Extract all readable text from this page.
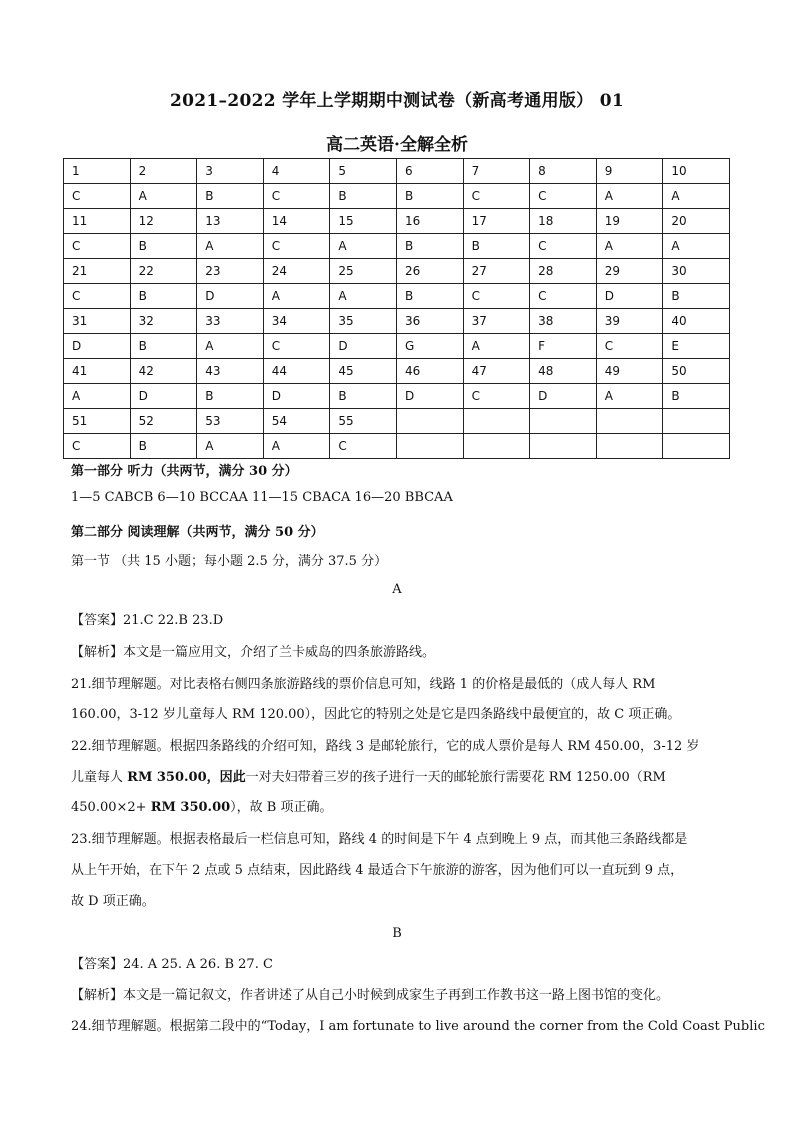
2021–2022 学年上学期期中测试卷（新高考通用版） 01
高二英语·全解全析
1	2	3	4	5	6	7	8	9	10
C	A	B	C	B	B	C	C	A	A
11	12	13	14	15	16	17	18	19	20
C	B	A	C	A	B	B	C	A	A
21	22	23	24	25	26	27	28	29	30
C	B	D	A	A	B	C	C	D	B
31	32	33	34	35	36	37	38	39	40
D	B	A	C	D	G	A	F	C	E
41	42	43	44	45	46	47	48	49	50
A	D	B	D	B	D	C	D	A	B
51	52	53	54	55					
C	B	A	A	C					
第一部分 听力（共两节，满分 30 分）
1—5 CABCB 6—10 BCCAA 11—15 CBACA 16—20 BBCAA
第二部分 阅读理解（共两节，满分 50 分）
第一节 （共 15 小题；每小题 2.5 分，满分 37.5 分）
A
【答案】21.C 22.B 23.D
【解析】本文是一篇应用文，介绍了兰卡威岛的四条旅游路线。
21.细节理解题。对比表格右侧四条旅游路线的票价信息可知，线路 1 的价格是最低的（成人每人 RM
160.00，3-12 岁儿童每人 RM 120.00），因此它的特别之处是它是四条路线中最便宜的，故 C 项正确。
22.细节理解题。根据四条路线的介绍可知，路线 3 是邮轮旅行，它的成人票价是每人 RM 450.00，3-12 岁
儿童每人 RM 350.00，因此一对夫妇带着三岁的孩子进行一天的邮轮旅行需要花 RM 1250.00（RM
450.00×2+ RM 350.00），故 B 项正确。
23.细节理解题。根据表格最后一栏信息可知，路线 4 的时间是下午 4 点到晚上 9 点，而其他三条路线都是
从上午开始，在下午 2 点或 5 点结束，因此路线 4 最适合下午旅游的游客，因为他们可以一直玩到 9 点，
故 D 项正确。
B
【答案】24. A 25. A 26. B 27. C
【解析】本文是一篇记叙文，作者讲述了从自己小时候到成家生子再到工作教书这一路上图书馆的变化。
24.细节理解题。根据第二段中的“Today，I am fortunate to live around the corner from the Cold Coast Public
